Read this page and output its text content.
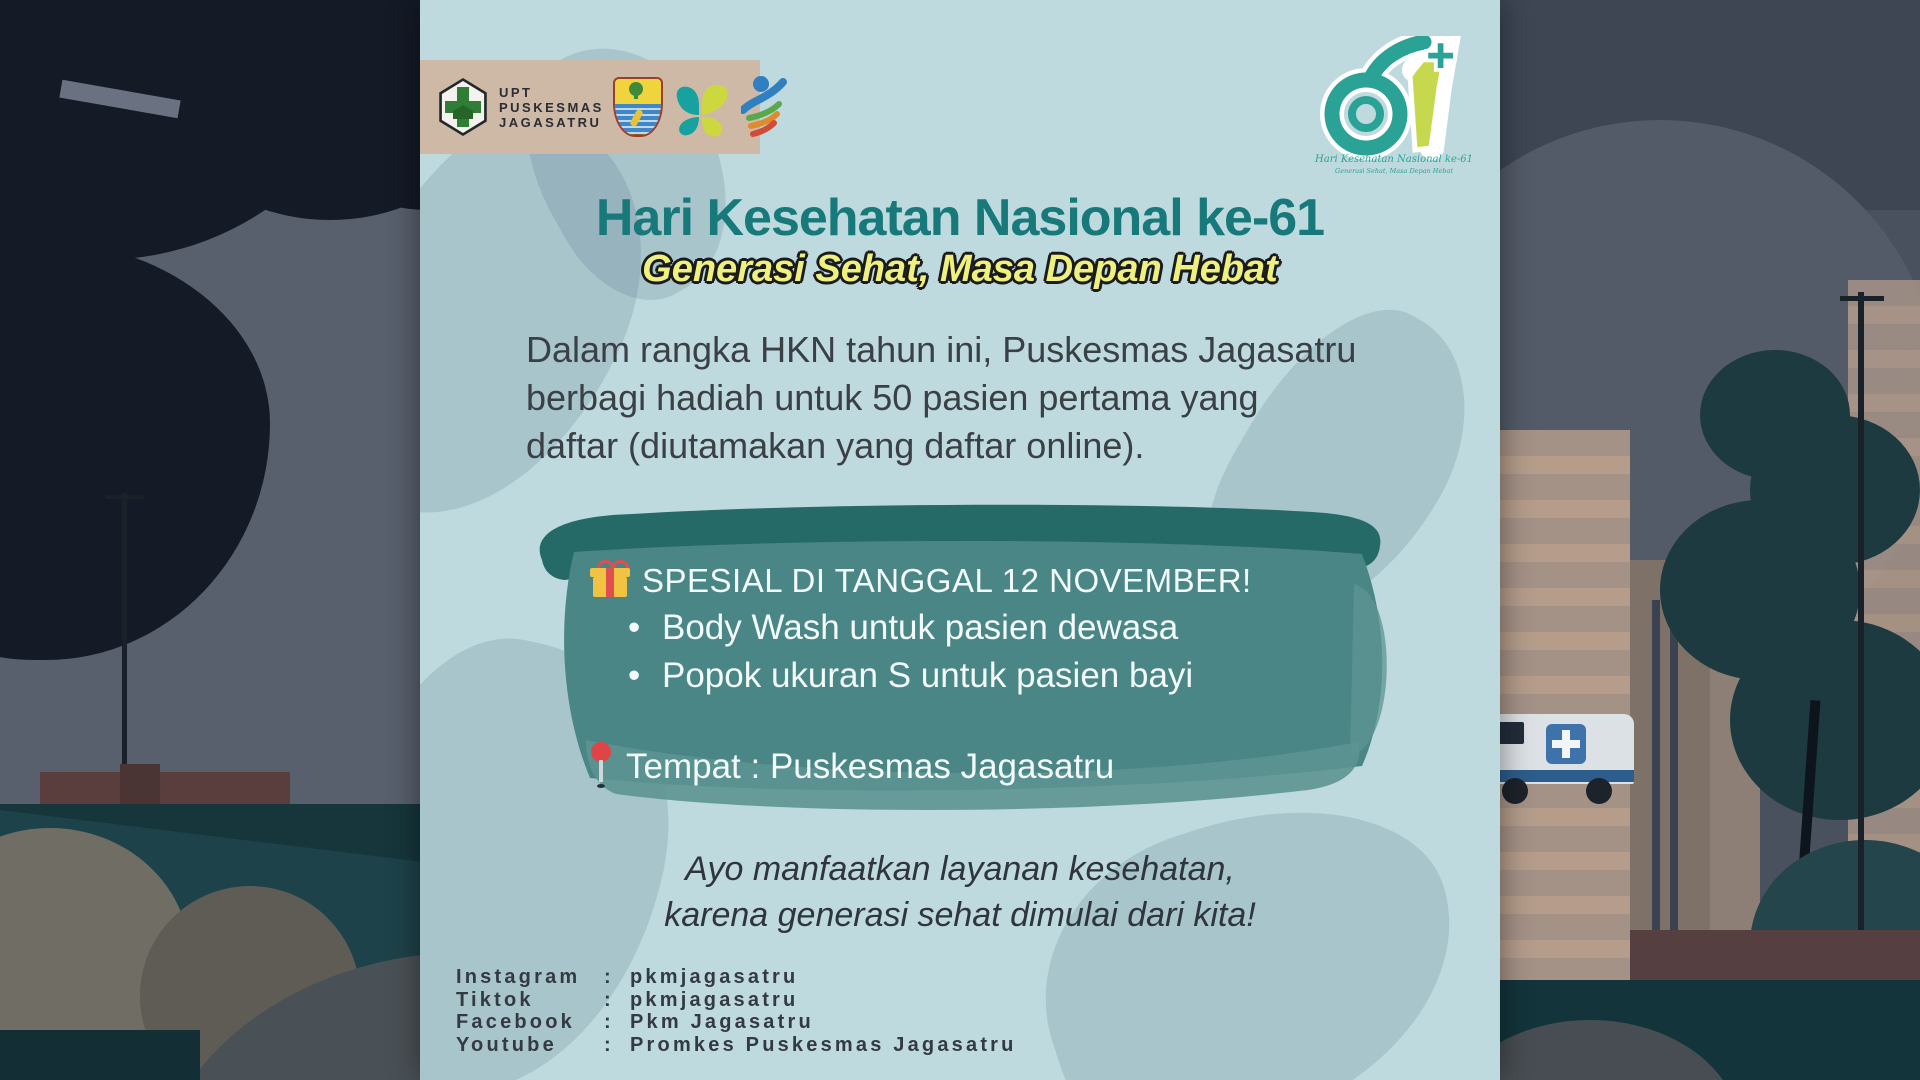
UPT
PUSKESMAS
JAGASATRU
Hari Kesehatan Nasional ke-61
Generasi Sehat, Masa Depan Hebat
Hari Kesehatan Nasional ke-61
Generasi Sehat, Masa Depan Hebat
Dalam rangka HKN tahun ini, Puskesmas Jagasatru
berbagi hadiah untuk 50 pasien pertama yang
daftar (diutamakan yang daftar online).
SPESIAL DI TANGGAL 12 NOVEMBER!
• Body Wash untuk pasien dewasa
• Popok ukuran S untuk pasien bayi
Tempat : Puskesmas Jagasatru
Ayo manfaatkan layanan kesehatan,
karena generasi sehat dimulai dari kita!
Instagram	: pkmjagasatru
Tiktok	: pkmjagasatru
Facebook	: Pkm Jagasatru
Youtube	: Promkes Puskesmas Jagasatru
